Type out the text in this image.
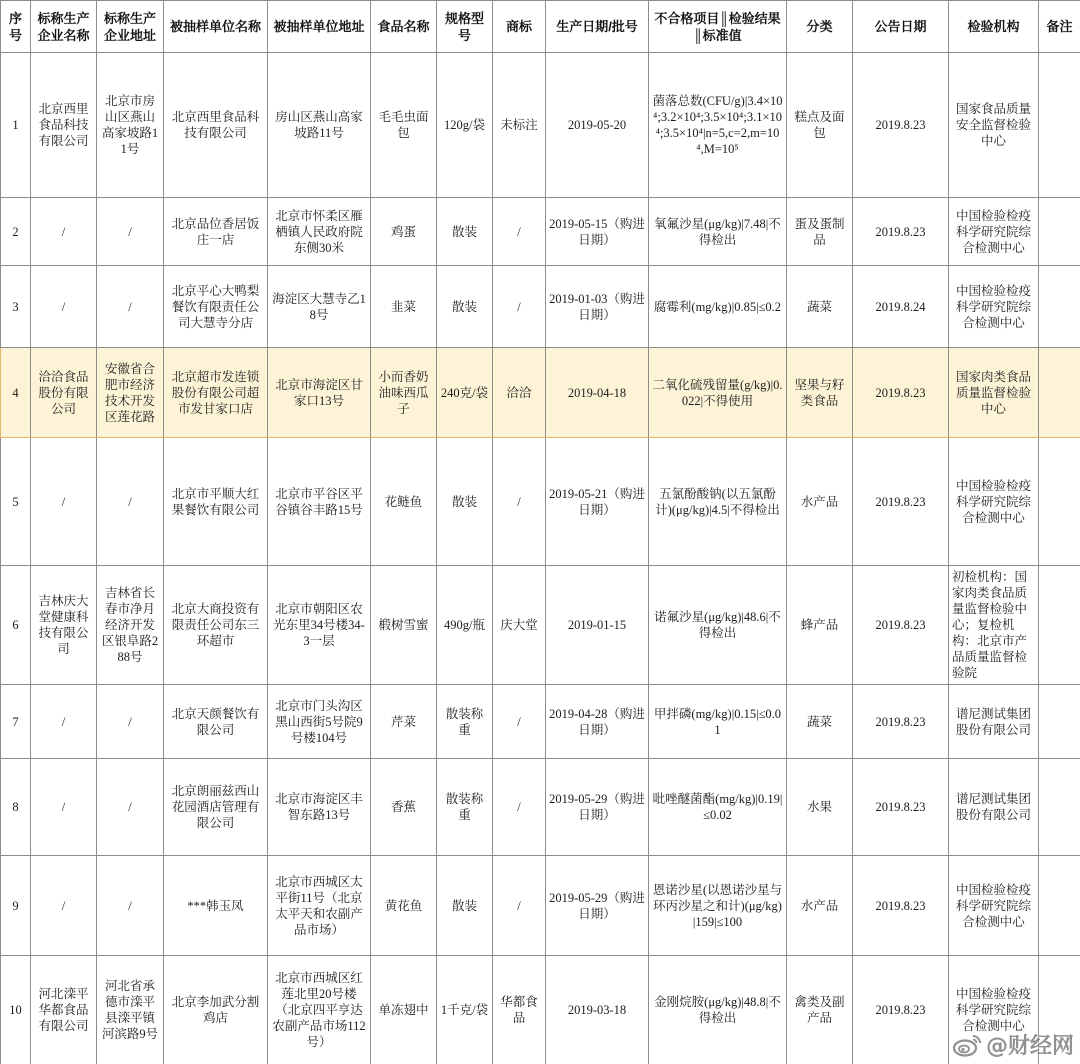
序号	标称生产企业名称	标称生产企业地址	被抽样单位名称	被抽样单位地址	食品名称	规格型号	商标	生产日期/批号	不合格项目║检验结果║标准值	分类	公告日期	检验机构	备注
1	北京西里食品科技有限公司	北京市房山区燕山高家坡路11号	北京西里食品科技有限公司	房山区燕山高家坡路11号	毛毛虫面包	120g/袋	未标注	2019-05-20	菌落总数(CFU/g)|3.4×10⁴;3.2×10⁴;3.5×10⁴;3.1×10⁴;3.5×10⁴|n=5,c=2,m=10⁴,M=10⁵	糕点及面包	2019.8.23	国家食品质量安全监督检验中心	
2	/	/	北京品位香居饭庄一店	北京市怀柔区雁栖镇人民政府院东侧30米	鸡蛋	散装	/	2019-05-15（购进日期）	氧氟沙星(μg/kg)|7.48|不得检出	蛋及蛋制品	2019.8.23	中国检验检疫科学研究院综合检测中心	
3	/	/	北京平心大鸭梨餐饮有限责任公司大慧寺分店	海淀区大慧寺乙18号	韭菜	散装	/	2019-01-03（购进日期）	腐霉利(mg/kg)|0.85|≤0.2	蔬菜	2019.8.24	中国检验检疫科学研究院综合检测中心	
4	洽洽食品股份有限公司	安徽省合肥市经济技术开发区莲花路	北京超市发连锁股份有限公司超市发甘家口店	北京市海淀区甘家口13号	小而香奶油味西瓜子	240克/袋	洽洽	2019-04-18	二氧化硫残留量(g/kg)|0.022|不得使用	坚果与籽类食品	2019.8.23	国家肉类食品质量监督检验中心	
5	/	/	北京市平顺大红果餐饮有限公司	北京市平谷区平谷镇谷丰路15号	花鲢鱼	散装	/	2019-05-21（购进日期）	五氯酚酸钠(以五氯酚计)(μg/kg)|4.5|不得检出	水产品	2019.8.23	中国检验检疫科学研究院综合检测中心	
6	吉林庆大堂健康科技有限公司	吉林省长春市净月经济开发区银阜路288号	北京大商投资有限责任公司东三环超市	北京市朝阳区农光东里34号楼34-3一层	椴树雪蜜	490g/瓶	庆大堂	2019-01-15	诺氟沙星(μg/kg)|48.6|不得检出	蜂产品	2019.8.23	初检机构：国家肉类食品质量监督检验中心；复检机构：北京市产品质量监督检验院	
7	/	/	北京天颜餐饮有限公司	北京市门头沟区黑山西街5号院9号楼104号	芹菜	散装称重	/	2019-04-28（购进日期）	甲拌磷(mg/kg)|0.15|≤0.01	蔬菜	2019.8.23	谱尼测试集团股份有限公司	
8	/	/	北京朗丽兹西山花园酒店管理有限公司	北京市海淀区丰智东路13号	香蕉	散装称重	/	2019-05-29（购进日期）	吡唑醚菌酯(mg/kg)|0.19|≤0.02	水果	2019.8.23	谱尼测试集团股份有限公司	
9	/	/	***韩玉凤	北京市西城区太平街11号（北京太平天和农副产品市场）	黄花鱼	散装	/	2019-05-29（购进日期）	恩诺沙星(以恩诺沙星与环丙沙星之和计)(μg/kg)|159|≤100	水产品	2019.8.23	中国检验检疫科学研究院综合检测中心	
10	河北滦平华都食品有限公司	河北省承德市滦平县滦平镇河滨路9号	北京李加武分割鸡店	北京市西城区红莲北里20号楼（北京四平亨达农副产品市场112号）	单冻翅中	1千克/袋	华都食品	2019-03-18	金刚烷胺(μg/kg)|48.8|不得检出	禽类及副产品	2019.8.23	中国检验检疫科学研究院综合检测中心	
@财经网
